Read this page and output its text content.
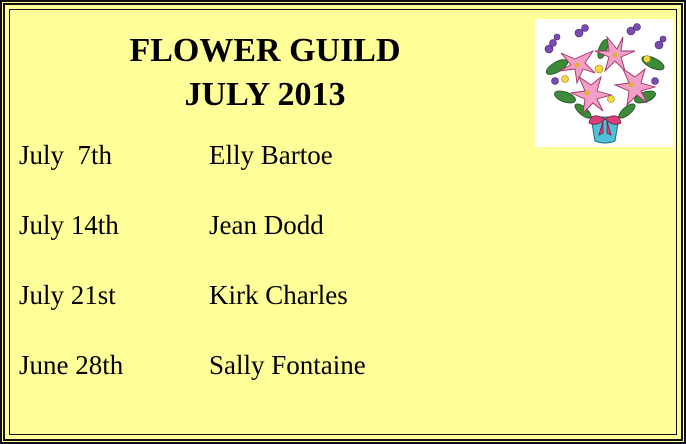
FLOWER GUILD
JULY 2013
July  7th	Elly Bartoe
July 14th	Jean Dodd
July 21st	Kirk Charles
June 28th	Sally Fontaine
